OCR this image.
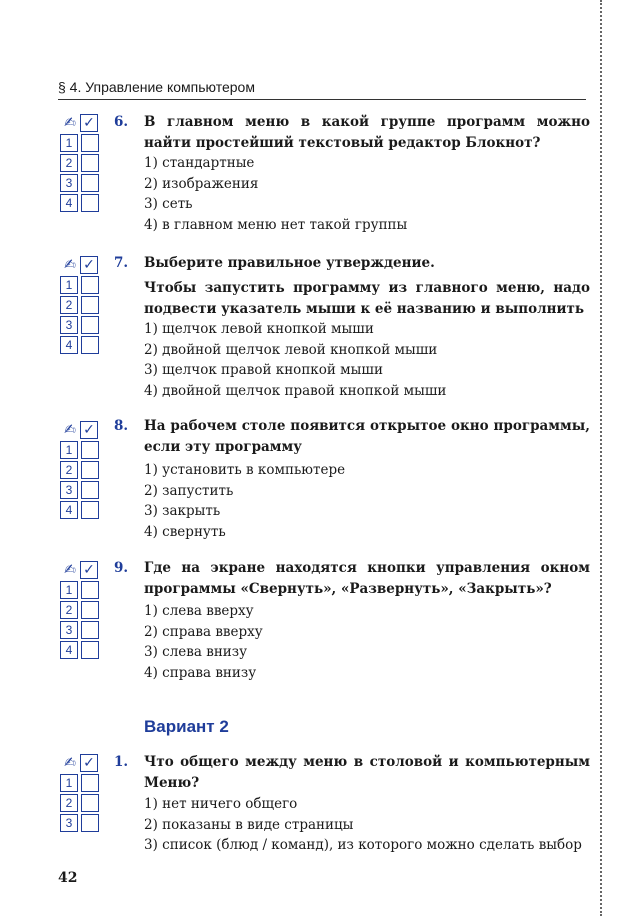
§ 4. Управление компьютером
✍ ✓
1
2
3
4
6. В главном меню в какой группе программ можно найти простейший текстовый редактор Блокнот?
1) стандартные
2) изображения
3) сеть
4) в главном меню нет такой группы
✍ ✓
1
2
3
4
7. Выберите правильное утверждение.
Чтобы запустить программу из главного меню, надо подвести указатель мыши к её названию и выполнить
1) щелчок левой кнопкой мыши
2) двойной щелчок левой кнопкой мыши
3) щелчок правой кнопкой мыши
4) двойной щелчок правой кнопкой мыши
✍ ✓
1
2
3
4
8. На рабочем столе появится открытое окно программы, если эту программу
1) установить в компьютере
2) запустить
3) закрыть
4) свернуть
✍ ✓
1
2
3
4
9. Где на экране находятся кнопки управления окном программы «Свернуть», «Развернуть», «Закрыть»?
1) слева вверху
2) справа вверху
3) слева внизу
4) справа внизу
Вариант 2
✍ ✓
1
2
3
1. Что общего между меню в столовой и компьютерным Меню?
1) нет ничего общего
2) показаны в виде страницы
3) список (блюд / команд), из которого можно сделать выбор
42
